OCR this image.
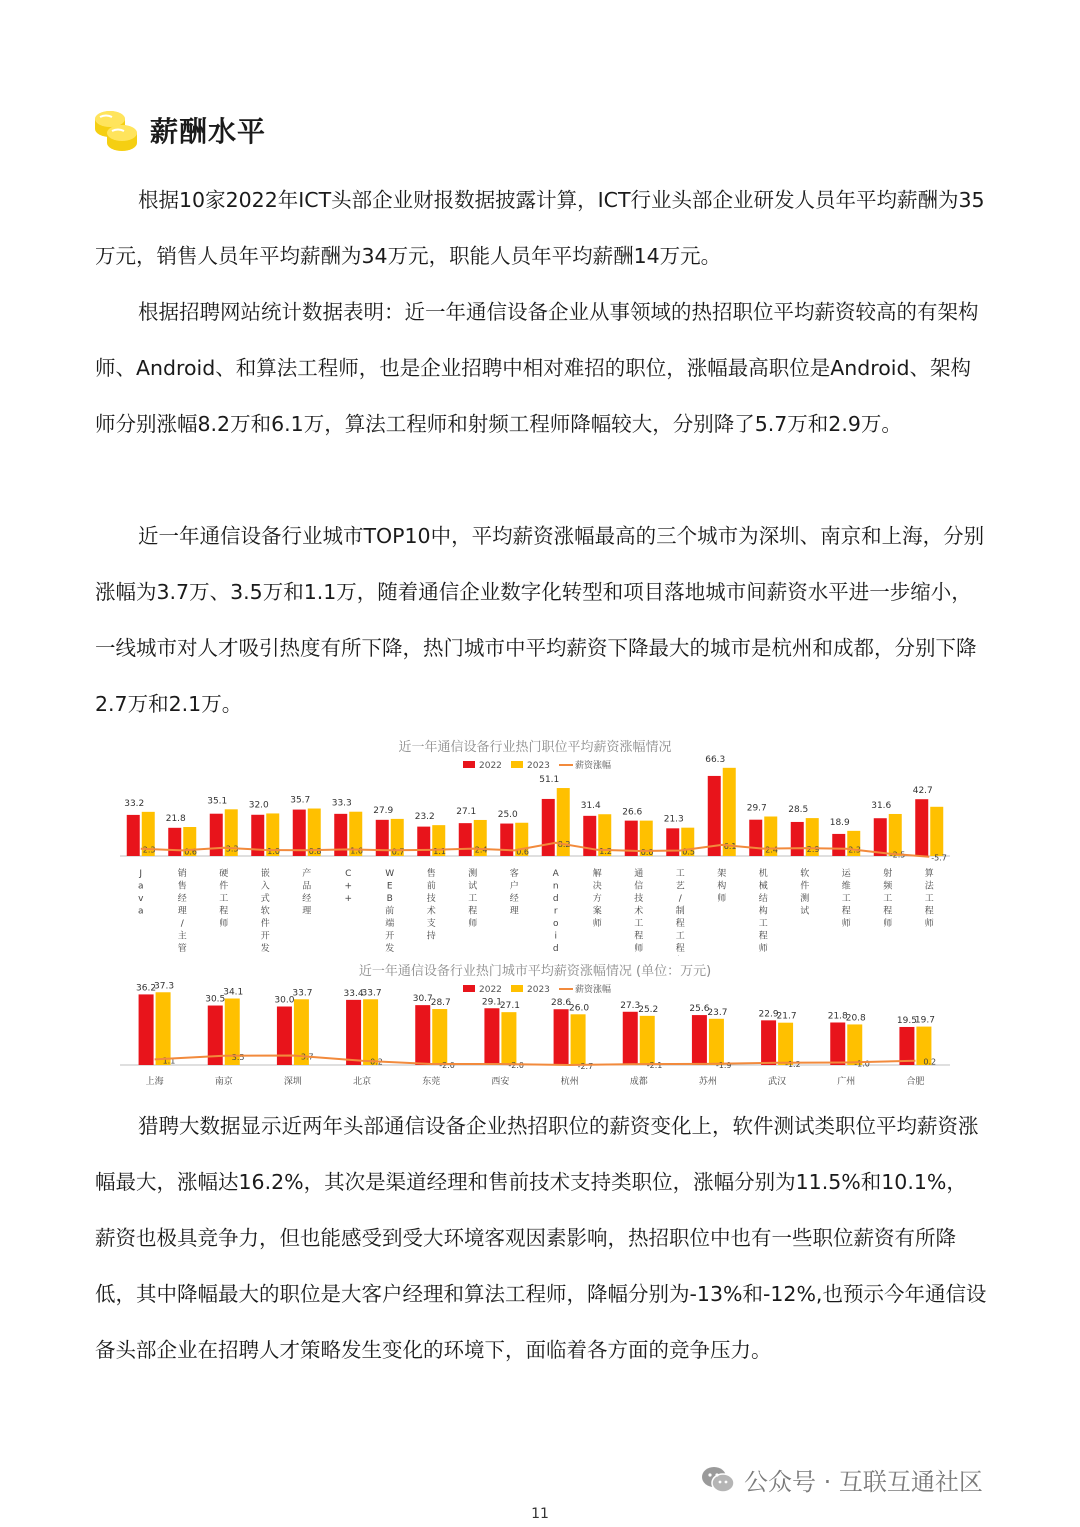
薪酬水平

根据10家2022年ICT头部企业财报数据披露计算，ICT行业头部企业研发人员年平均薪酬为35万元，销售人员年平均薪酬为34万元，职能人员年平均薪酬14万元。

根据招聘网站统计数据表明：近一年通信设备企业从事领域的热招职位平均薪资较高的有架构师、Android、和算法工程师，也是企业招聘中相对难招的职位，涨幅最高职位是Android、架构师分别涨幅8.2万和6.1万，算法工程师和射频工程师降幅较大，分别降了5.7万和2.9万。

近一年通信设备行业城市TOP10中，平均薪资涨幅最高的三个城市为深圳、南京和上海，分别涨幅为3.7万、3.5万和1.1万，随着通信企业数字化转型和项目落地城市间薪资水平进一步缩小，一线城市对人才吸引热度有所下降，热门城市中平均薪资下降最大的城市是杭州和成都，分别下降2.7万和2.1万。

近一年通信设备行业热门职位平均薪资涨幅情况
2022	2023	薪资涨幅
33.2
2.3
J
a
v
a
21.8
0.6
销
售
经
理
/
主
管
35.1
3.3
硬
件
工
程
师
32.0
1.0
嵌
入
式
软
件
开
发
35.7
0.8
产
品
经
理
33.3
1.6
C
+
+
27.9
0.7
W
E
B
前
端
开
发
23.2
1.1
售
前
技
术
支
持
27.1
2.4
测
试
工
程
师
25.0
0.6
客
户
经
理
51.1
8.2
A
n
d
r
o
i
d
31.4
1.2
解
决
方
案
师
26.6
0.0
通
信
技
术
工
程
师
21.3
0.5
工
艺
/
制
程
工
程
66.3
6.1
架
构
师
29.7
2.4
机
械
结
构
工
程
师
28.5
2.9
软
件
测
试
18.9
2.3
运
维
工
程
师
31.6
-2.5
射
频
工
程
师
42.7
-5.7
算
法
工
程
师
近一年通信设备行业热门城市平均薪资涨幅情况 (单位：万元)
2022	2023	薪资涨幅
36.2
37.3
1.1
上海
30.5
34.1
3.5
南京
30.0
33.7
3.7
深圳
33.4
33.7
0.2
北京
30.7
28.7
-2.0
东莞
29.1
27.1
-2.0
西安
28.6
26.0
-2.7
杭州
27.3
25.2
-2.1
成都
25.6
23.7
-1.9
苏州
22.9
21.7
-1.2
武汉
21.8
20.8
-1.0
广州
19.5
19.7
0.2
合肥

猎聘大数据显示近两年头部通信设备企业热招职位的薪资变化上，软件测试类职位平均薪资涨幅最大，涨幅达16.2%，其次是渠道经理和售前技术支持类职位，涨幅分别为11.5%和10.1%，薪资也极具竞争力，但也能感受到受大环境客观因素影响，热招职位中也有一些职位薪资有所降低，其中降幅最大的职位是大客户经理和算法工程师，降幅分别为-13%和-12%,也预示今年通信设备头部企业在招聘人才策略发生变化的环境下，面临着各方面的竞争压力。

公众号 · 互联互通社区
11
